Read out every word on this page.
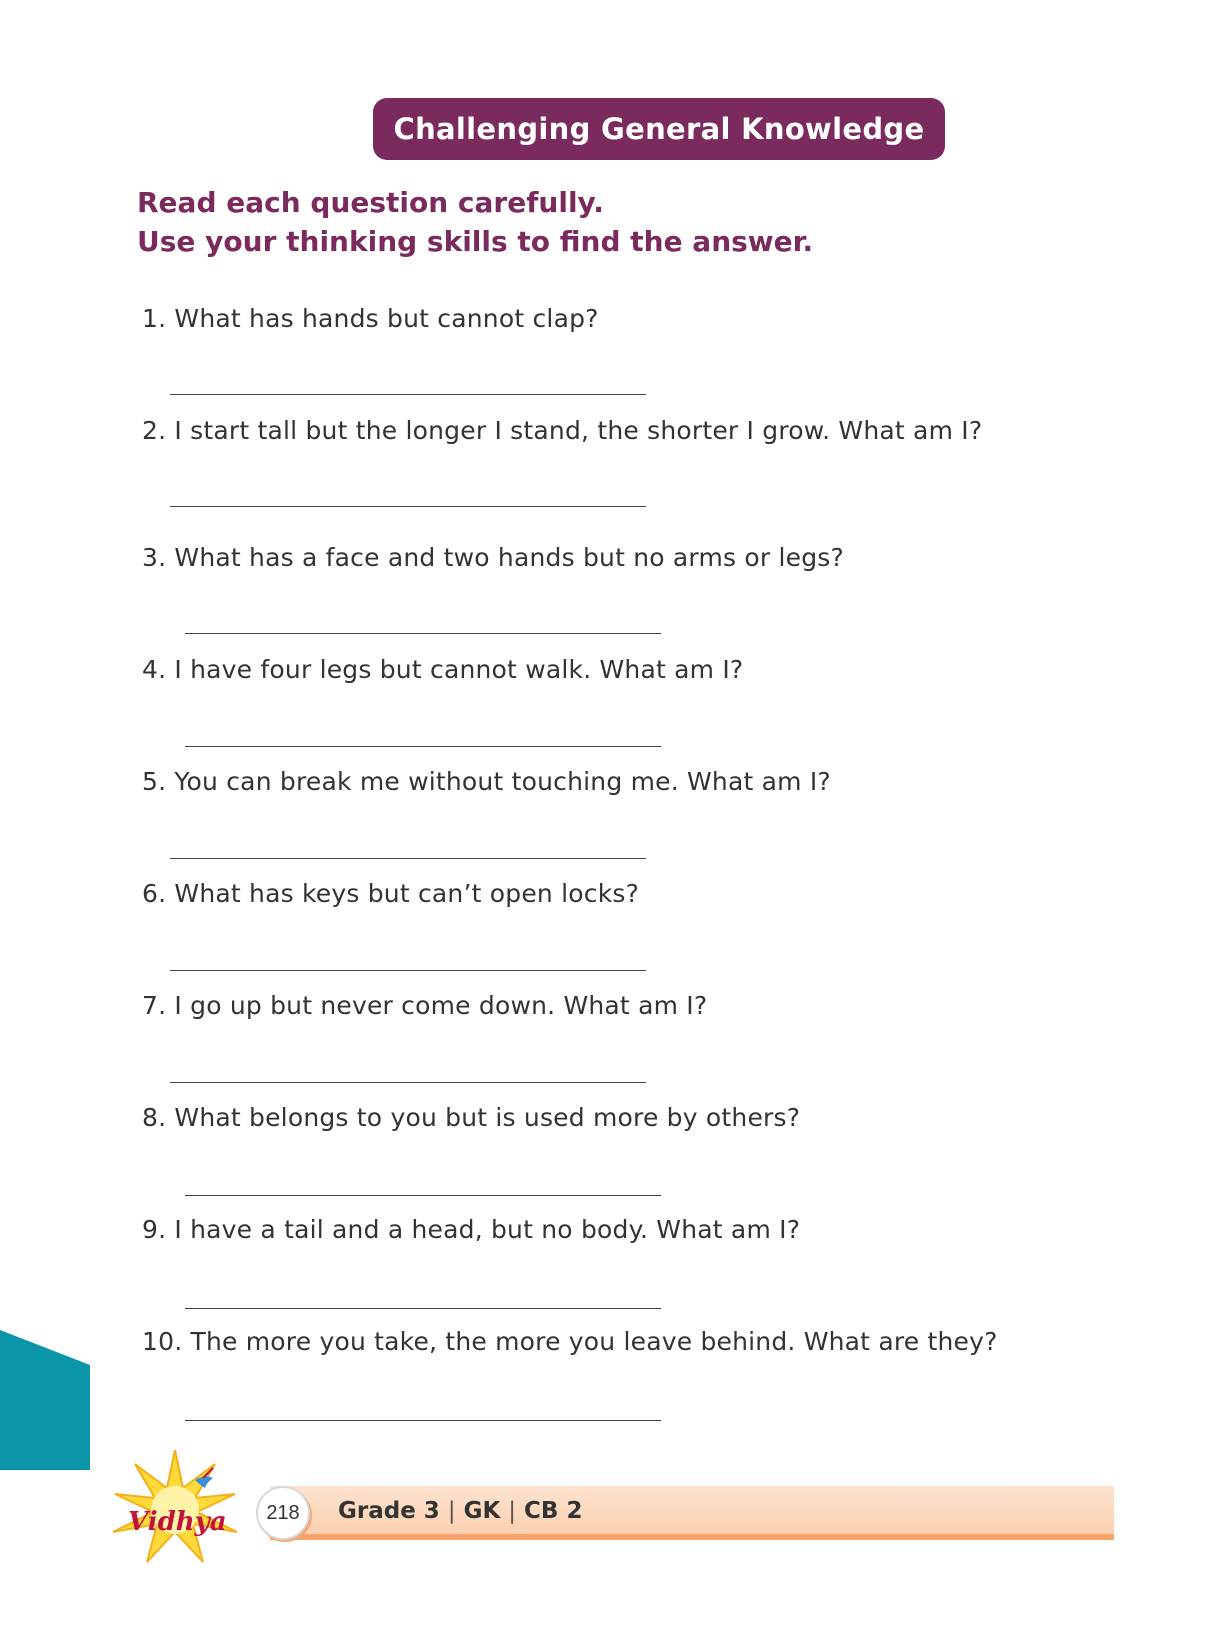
Challenging General Knowledge
Read each question carefully.
Use your thinking skills to find the answer.
1. What has hands but cannot clap?
2. I start tall but the longer I stand, the shorter I grow. What am I?
3. What has a face and two hands but no arms or legs?
4. I have four legs but cannot walk. What am I?
5. You can break me without touching me. What am I?
6. What has keys but can’t open locks?
7. I go up but never come down. What am I?
8. What belongs to you but is used more by others?
9. I have a tail and a head, but no body. What am I?
10. The more you take, the more you leave behind. What are they?
Vidhya	218	Grade 3 | GK | CB 2
